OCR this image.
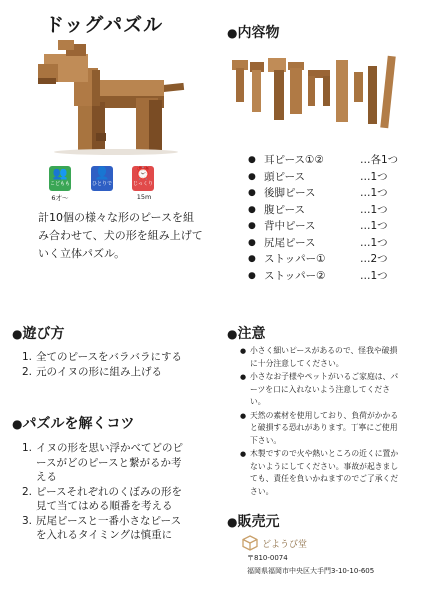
ドッグパズル
👥
こどもも
6才〜
👤
ひとりで
⏰
じっくり
15m
計10個の様々な形のピースを組み合わせて、犬の形を組み上げていく立体パズル。
●内容物
● 耳ピース①②	…各1つ
● 頭ピース	…1つ
● 後脚ピース	…1つ
● 腹ピース	…1つ
● 背中ピース	…1つ
● 尻尾ピース	…1つ
● ストッパー①	…2つ
● ストッパー②	…1つ
●遊び方
1. 全てのピースをバラバラにする
2. 元のイヌの形に組み上げる
●パズルを解くコツ
1. イヌの形を思い浮かべてどのピースがどのピースと繋がるか考える
2. ピースそれぞれのくぼみの形を見て当てはめる順番を考える
3. 尻尾ピースと一番小さなピースを入れるタイミングは慎重に
●注意
● 小さく細いピースがあるので、怪我や破損に十分注意してください。
● 小さなお子様やペットがいるご家庭は、パーツを口に入れないよう注意してください。
● 天然の素材を使用しており、負荷がかかると破損する恐れがあります。丁寧にご使用下さい。
● 木製ですので火や熱いところの近くに置かないようにしてください。事故が起きましても、責任を負いかねますのでご了承ください。
●販売元
どようび堂
〒810-0074
福岡県福岡市中央区大手門3-10-10-605
